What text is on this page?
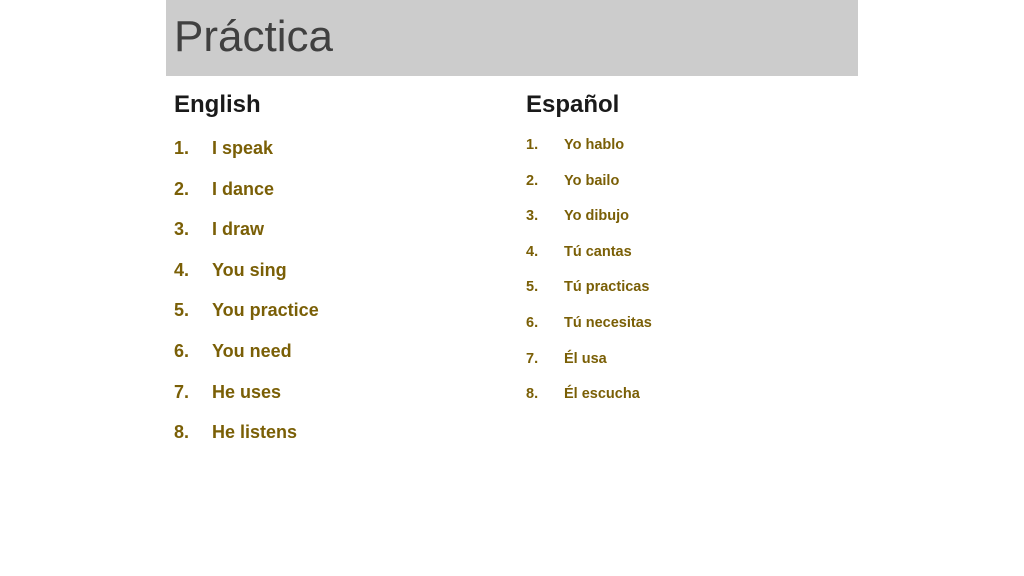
Práctica
English
1. I speak
2. I dance
3. I draw
4. You sing
5. You practice
6. You need
7. He uses
8. He listens
Español
1. Yo hablo
2. Yo bailo
3. Yo dibujo
4. Tú cantas
5. Tú practicas
6. Tú necesitas
7. Él usa
8. Él escucha
